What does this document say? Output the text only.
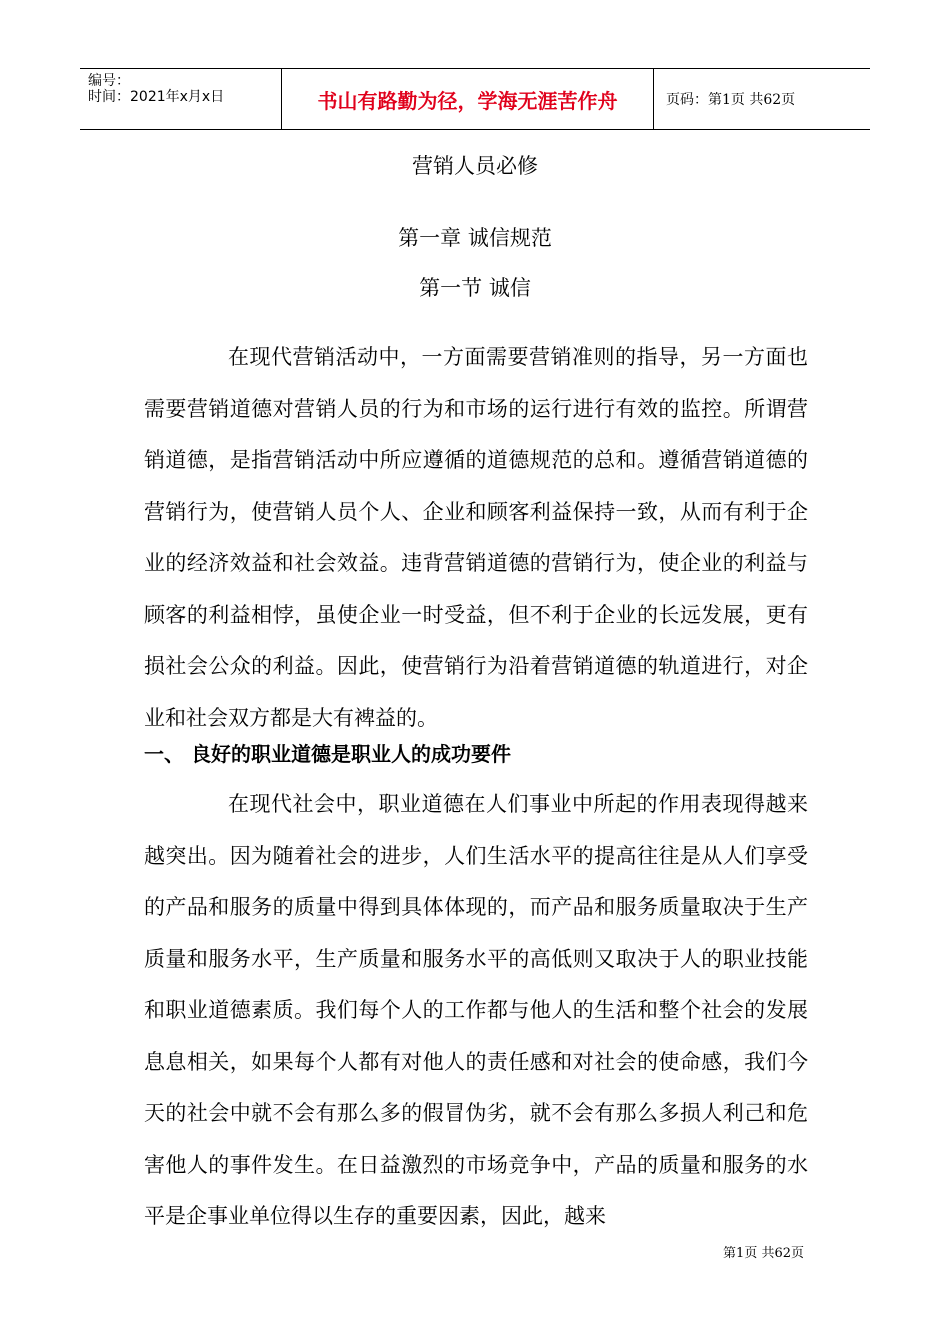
编号：
时间：2021年x月x日	书山有路勤为径，学海无涯苦作舟	页码：第1页 共62页
营销人员必修
第一章 诚信规范
第一节 诚信

在现代营销活动中，一方面需要营销准则的指导，另一方面也需要营销道德对营销人员的行为和市场的运行进行有效的监控。所谓营销道德，是指营销活动中所应遵循的道德规范的总和。遵循营销道德的营销行为，使营销人员个人、企业和顾客利益保持一致，从而有利于企业的经济效益和社会效益。违背营销道德的营销行为，使企业的利益与顾客的利益相悖，虽使企业一时受益，但不利于企业的长远发展，更有损社会公众的利益。因此，使营销行为沿着营销道德的轨道进行，对企业和社会双方都是大有裨益的。

一、 良好的职业道德是职业人的成功要件

在现代社会中，职业道德在人们事业中所起的作用表现得越来越突出。因为随着社会的进步，人们生活水平的提高往往是从人们享受的产品和服务的质量中得到具体体现的，而产品和服务质量取决于生产质量和服务水平，生产质量和服务水平的高低则又取决于人的职业技能和职业道德素质。我们每个人的工作都与他人的生活和整个社会的发展息息相关，如果每个人都有对他人的责任感和对社会的使命感，我们今天的社会中就不会有那么多的假冒伪劣，就不会有那么多损人利己和危害他人的事件发生。在日益激烈的市场竞争中，产品的质量和服务的水平是企事业单位得以生存的重要因素，因此，越来

第1页 共62页
